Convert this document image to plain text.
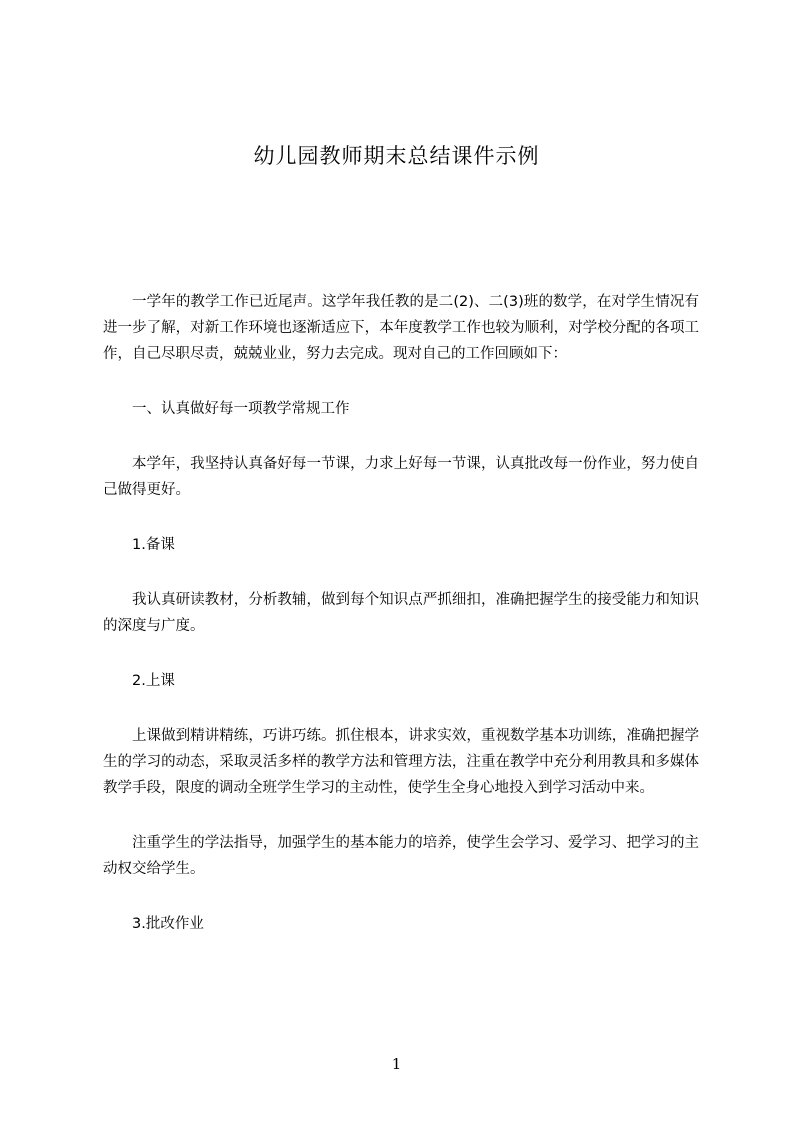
幼儿园教师期末总结课件示例

一学年的教学工作已近尾声。这学年我任教的是二(2)、二(3)班的数学，在对学生情况有进一步了解，对新工作环境也逐渐适应下，本年度教学工作也较为顺利，对学校分配的各项工作，自己尽职尽责，兢兢业业，努力去完成。现对自己的工作回顾如下：

一、认真做好每一项教学常规工作

本学年，我坚持认真备好每一节课，力求上好每一节课，认真批改每一份作业，努力使自己做得更好。

1.备课

我认真研读教材，分析教辅，做到每个知识点严抓细扣，准确把握学生的接受能力和知识的深度与广度。

2.上课

上课做到精讲精练，巧讲巧练。抓住根本，讲求实效，重视数学基本功训练，准确把握学生的学习的动态，采取灵活多样的教学方法和管理方法，注重在教学中充分利用教具和多媒体教学手段，限度的调动全班学生学习的主动性，使学生全身心地投入到学习活动中来。

注重学生的学法指导，加强学生的基本能力的培养，使学生会学习、爱学习、把学习的主动权交给学生。

3.批改作业

1
